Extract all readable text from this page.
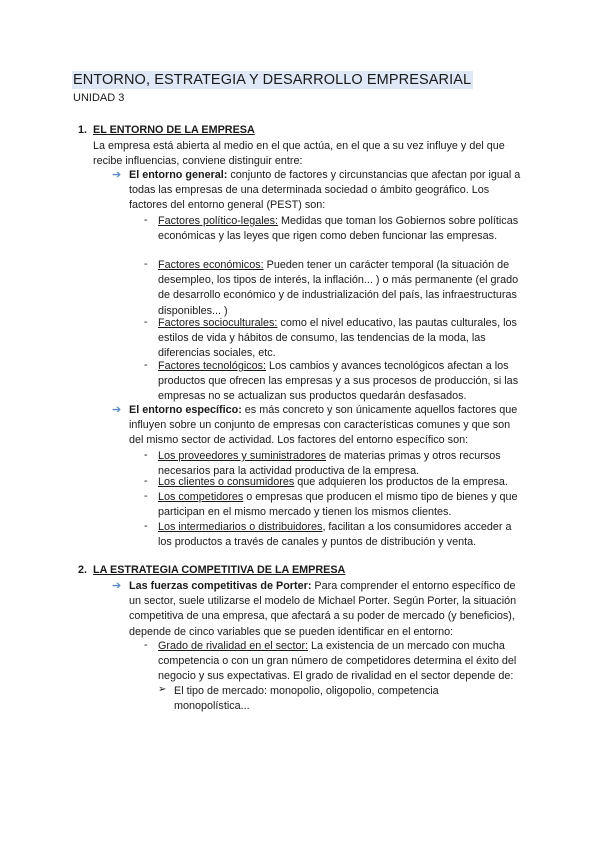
ENTORNO, ESTRATEGIA Y DESARROLLO EMPRESARIAL
UNIDAD 3
1. EL ENTORNO DE LA EMPRESA
La empresa está abierta al medio en el que actúa, en el que a su vez influye y del que recibe influencias, conviene distinguir entre:
➔ El entorno general: conjunto de factores y circunstancias que afectan por igual a todas las empresas de una determinada sociedad o ámbito geográfico. Los factores del entorno general (PEST) son:
- Factores político-legales: Medidas que toman los Gobiernos sobre políticas económicas y las leyes que rigen como deben funcionar las empresas.
- Factores económicos: Pueden tener un carácter temporal (la situación de desempleo, los tipos de interés, la inflación... ) o más permanente (el grado de desarrollo económico y de industrialización del país, las infraestructuras disponibles... )
- Factores socioculturales: como el nivel educativo, las pautas culturales, los estilos de vida y hábitos de consumo, las tendencias de la moda, las diferencias sociales, etc.
- Factores tecnológicos: Los cambios y avances tecnológicos afectan a los productos que ofrecen las empresas y a sus procesos de producción, si las empresas no se actualizan sus productos quedarán desfasados.
➔ El entorno específico: es más concreto y son únicamente aquellos factores que influyen sobre un conjunto de empresas con características comunes y que son del mismo sector de actividad. Los factores del entorno específico son:
- Los proveedores y suministradores de materias primas y otros recursos necesarios para la actividad productiva de la empresa.
- Los clientes o consumidores que adquieren los productos de la empresa.
- Los competidores o empresas que producen el mismo tipo de bienes y que participan en el mismo mercado y tienen los mismos clientes.
- Los intermediarios o distribuidores, facilitan a los consumidores acceder a los productos a través de canales y puntos de distribución y venta.
2. LA ESTRATEGIA COMPETITIVA DE LA EMPRESA
➔ Las fuerzas competitivas de Porter: Para comprender el entorno específico de un sector, suele utilizarse el modelo de Michael Porter. Según Porter, la situación competitiva de una empresa, que afectará a su poder de mercado (y beneficios), depende de cinco variables que se pueden identificar en el entorno:
- Grado de rivalidad en el sector: La existencia de un mercado con mucha competencia o con un gran número de competidores determina el éxito del negocio y sus expectativas. El grado de rivalidad en el sector depende de:
➢ El tipo de mercado: monopolio, oligopolio, competencia monopolística...
